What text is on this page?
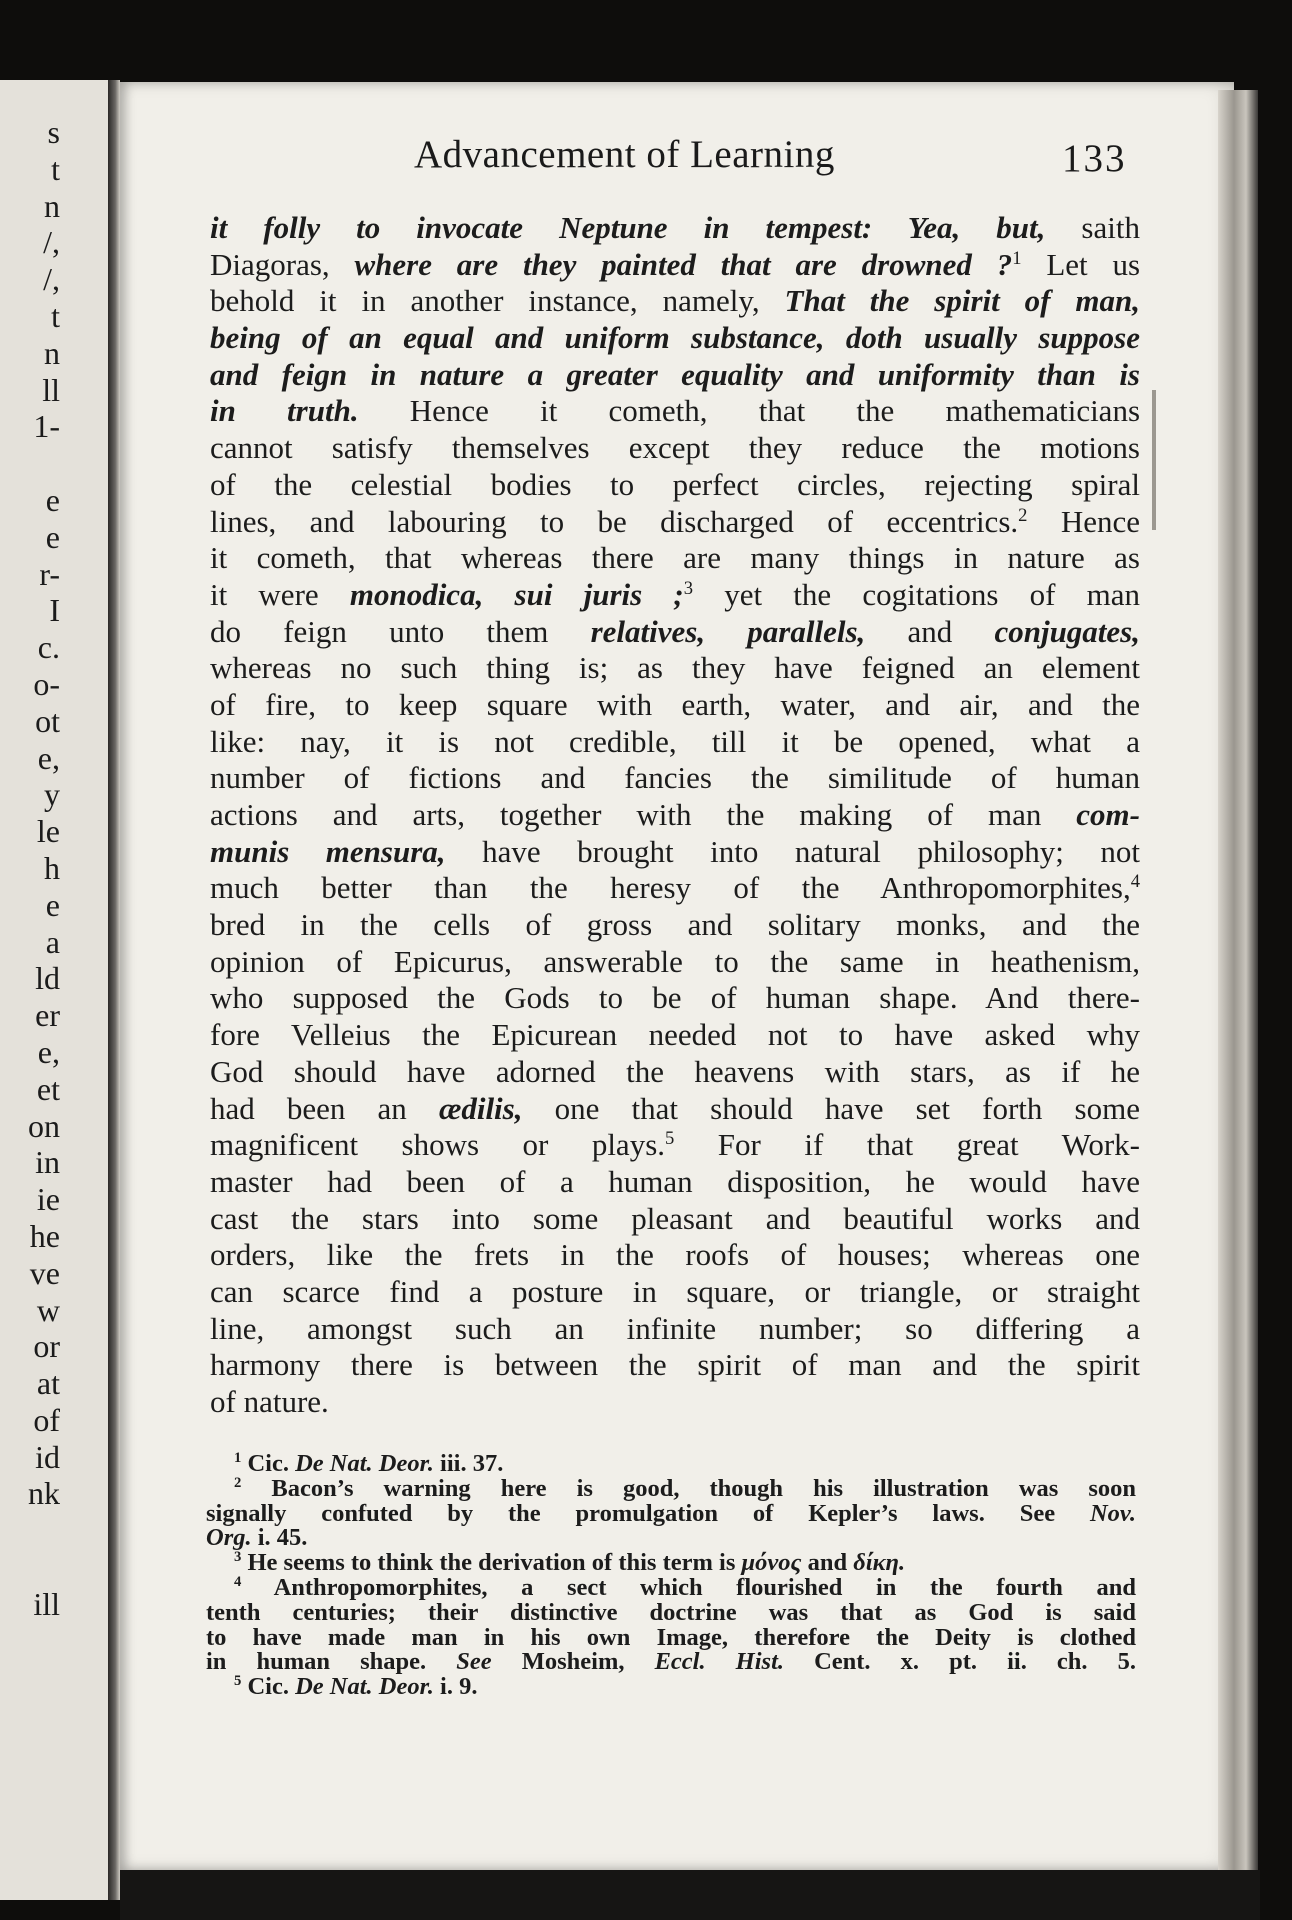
s
t
n
/,
/,
t
n
ll
1-
e
e
r-
I
c.
o-
ot
e,
y
le
h
e
a
ld
er
e,
et
on
in
ie
he
ve
w
or
at
of
id
nk
ill
Advancement of Learning	133
it folly to invocate Neptune in tempest: Yea, but, saith
Diagoras, where are they painted that are drowned ?$^1$ Let us
behold it in another instance, namely, That the spirit of man,
being of an equal and uniform substance, doth usually suppose
and feign in nature a greater equality and uniformity than is
in truth. Hence it cometh, that the mathematicians
cannot satisfy themselves except they reduce the motions
of the celestial bodies to perfect circles, rejecting spiral
lines, and labouring to be discharged of eccentrics.$^2$ Hence
it cometh, that whereas there are many things in nature as
it were monodica, sui juris ;$^3$ yet the cogitations of man
do feign unto them relatives, parallels, and conjugates,
whereas no such thing is; as they have feigned an element
of fire, to keep square with earth, water, and air, and the
like: nay, it is not credible, till it be opened, what a
number of fictions and fancies the similitude of human
actions and arts, together with the making of man com-
munis mensura, have brought into natural philosophy; not
much better than the heresy of the Anthropomorphites,$^4$
bred in the cells of gross and solitary monks, and the
opinion of Epicurus, answerable to the same in heathenism,
who supposed the Gods to be of human shape. And there-
fore Velleius the Epicurean needed not to have asked why
God should have adorned the heavens with stars, as if he
had been an ædilis, one that should have set forth some
magnificent shows or plays.$^5$ For if that great Work-
master had been of a human disposition, he would have
cast the stars into some pleasant and beautiful works and
orders, like the frets in the roofs of houses; whereas one
can scarce find a posture in square, or triangle, or straight
line, amongst such an infinite number; so differing a
harmony there is between the spirit of man and the spirit
of nature.
$^1$ Cic. De Nat. Deor. iii. 37.
$^2$ Bacon’s warning here is good, though his illustration was soon
signally confuted by the promulgation of Kepler’s laws. See Nov.
Org. i. 45.
$^3$ He seems to think the derivation of this term is μόνος and δίκη.
$^4$ Anthropomorphites, a sect which flourished in the fourth and
tenth centuries; their distinctive doctrine was that as God is said
to have made man in his own Image, therefore the Deity is clothed
in human shape. See Mosheim, Eccl. Hist. Cent. x. pt. ii. ch. 5.
$^5$ Cic. De Nat. Deor. i. 9.
